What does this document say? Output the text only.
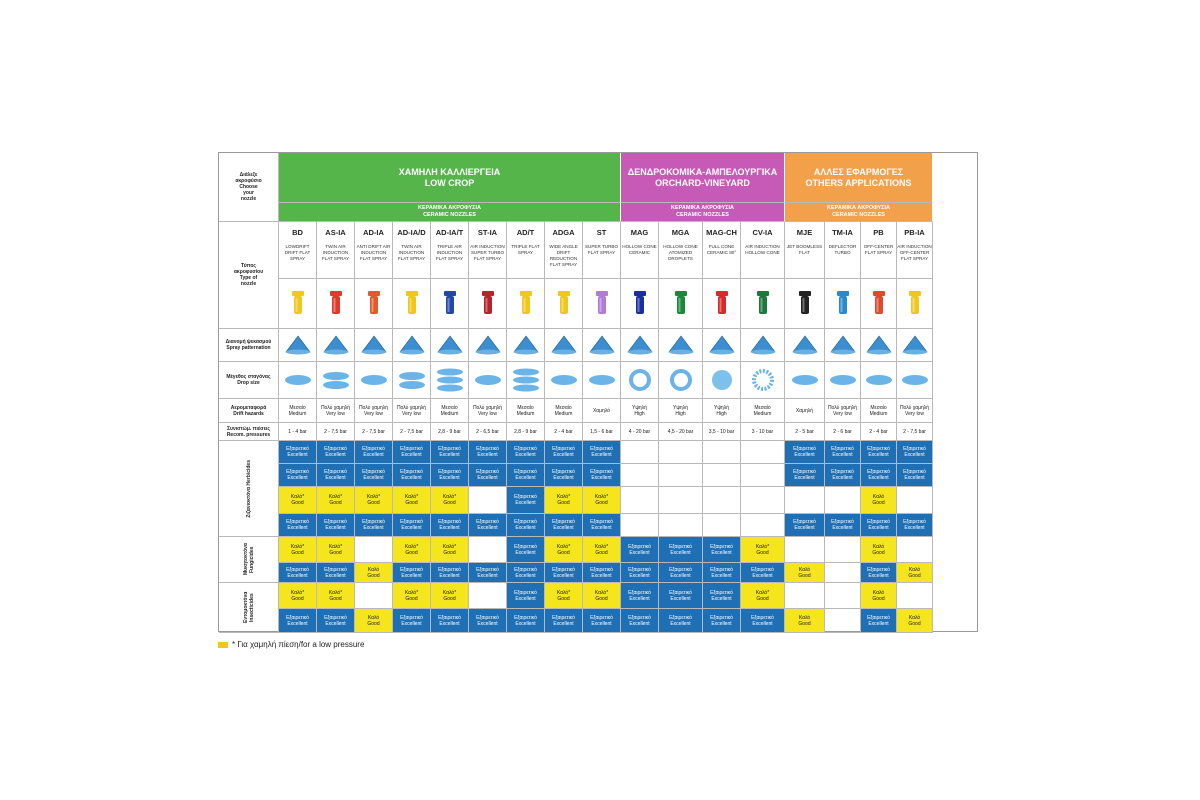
Διάλεξε
ακροφύσιο
Choose
your
nozzle
ΧΑΜΗΛΗ ΚΑΛΛΙΕΡΓΕΙΑ
LOW CROP
ΔΕΝΔΡΟΚΟΜΙΚΑ-ΑΜΠΕΛΟΥΡΓΙΚΑ
ORCHARD-VINEYARD
ΑΛΛΕΣ ΕΦΑΡΜΟΓΕΣ
OTHERS APPLICATIONS
ΚΕΡΑΜΙΚΑ ΑΚΡΟΦΥΣΙΑ
CERAMIC NOZZLES
ΚΕΡΑΜΙΚΑ ΑΚΡΟΦΥΣΙΑ
CERAMIC NOZZLES
ΚΕΡΑΜΙΚΑ ΑΚΡΟΦΥΣΙΑ
CERAMIC NOZZLES
Τύπος
ακροφυσίου
Type of
nozzle
Διανομή ψεκασμού
Spray patternation
Μέγεθος σταγόνας
Drop size
Αερομεταφορά
Drift hazards
Συνιστώμ. πιέσεις
Recom. pressures
BD
LOWDRIFT DRIFT FLAT SPRAY
Μεσαίο
Medium
1 - 4 bar
AS-IA
TWIN AIR INDUCTION FLAT SPRAY
Πολύ χαμηλή
Very low
2 - 7,5 bar
AD-IA
ANTI DRIFT AIR INDUCTION FLAT SPRAY
Πολύ χαμηλή
Very low
2 - 7,5 bar
AD-IA/D
TWIN AIR INDUCTION FLAT SPRAY
Πολύ χαμηλή
Very low
2 - 7,5 bar
AD-IA/T
TRIPLE AIR INDUCTION FLAT SPRAY
Μεσαίο
Medium
2,8 - 9 bar
ST-IA
AIR INDUCTION SUPER TURBO FLAT SPRAY
Πολύ χαμηλή
Very low
2 - 6,5 bar
AD/T
TRIPLE FLAT SPRAY
Μεσαίο
Medium
2,8 - 9 bar
ADGA
WIDE ANGLE DRIFT REDUCTION FLAT SPRAY
Μεσαίο
Medium
2 - 4 bar
ST
SUPER TURBO FLAT SPRAY
Χαμηλό
1,5 - 6 bar
MAG
HOLLOW CONE CERAMIC
Υψηλή
High
4 - 20 bar
MGA
HOLLOW CONE ATOMIZED DROPLETS
Υψηλή
High
4,5 - 20 bar
MAG-CH
FULL CONE CERAMIC 80°
Υψηλή
High
3,5 - 10 bar
CV-IA
AIR INDUCTION HOLLOW CONE
Μεσαίο
Medium
3 - 10 bar
MJE
JET BOOMLESS FLAT
Χαμηλή
2 - 5 bar
TM-IA
DEFLECTOR TURBO
Πολύ χαμηλή
Very low
2 - 6 bar
PB
OFF-CENTER FLAT SPRAY
Μεσαίο
Medium
2 - 4 bar
PB-IA
AIR INDUCTION OFF-CENTER FLAT SPRAY
Πολύ χαμηλή
Very low
2 - 7,5 bar
Ζιζανιοκτόνα Herbicides
Μυκητοκτόνα Fungicides
Εντομοκτόνα Insecticides
Εξαιρετικό
Excellent
Εξαιρετικό
Excellent
Εξαιρετικό
Excellent
Εξαιρετικό
Excellent
Εξαιρετικό
Excellent
Εξαιρετικό
Excellent
Εξαιρετικό
Excellent
Εξαιρετικό
Excellent
Εξαιρετικό
Excellent
Εξαιρετικό
Excellent
Εξαιρετικό
Excellent
Εξαιρετικό
Excellent
Εξαιρετικό
Excellent
Εξαιρετικό
Excellent
Εξαιρετικό
Excellent
Εξαιρετικό
Excellent
Εξαιρετικό
Excellent
Εξαιρετικό
Excellent
Εξαιρετικό
Excellent
Εξαιρετικό
Excellent
Εξαιρετικό
Excellent
Εξαιρετικό
Excellent
Εξαιρετικό
Excellent
Εξαιρετικό
Excellent
Εξαιρετικό
Excellent
Εξαιρετικό
Excellent
Καλό*
Good
Καλό*
Good
Καλό*
Good
Καλό*
Good
Καλό*
Good
Εξαιρετικό
Excellent
Καλό*
Good
Καλό*
Good
Καλό
Good
Εξαιρετικό
Excellent
Εξαιρετικό
Excellent
Εξαιρετικό
Excellent
Εξαιρετικό
Excellent
Εξαιρετικό
Excellent
Εξαιρετικό
Excellent
Εξαιρετικό
Excellent
Εξαιρετικό
Excellent
Εξαιρετικό
Excellent
Εξαιρετικό
Excellent
Εξαιρετικό
Excellent
Εξαιρετικό
Excellent
Εξαιρετικό
Excellent
Καλό*
Good
Καλό*
Good
Καλό*
Good
Καλό*
Good
Εξαιρετικό
Excellent
Καλό*
Good
Καλό*
Good
Εξαιρετικό
Excellent
Εξαιρετικό
Excellent
Εξαιρετικό
Excellent
Καλό*
Good
Καλό
Good
Εξαιρετικό
Excellent
Εξαιρετικό
Excellent
Καλό
Good
Εξαιρετικό
Excellent
Εξαιρετικό
Excellent
Εξαιρετικό
Excellent
Εξαιρετικό
Excellent
Εξαιρετικό
Excellent
Εξαιρετικό
Excellent
Εξαιρετικό
Excellent
Εξαιρετικό
Excellent
Εξαιρετικό
Excellent
Εξαιρετικό
Excellent
Καλό
Good
Εξαιρετικό
Excellent
Καλό
Good
Καλό*
Good
Καλό*
Good
Καλό*
Good
Καλό*
Good
Εξαιρετικό
Excellent
Καλό*
Good
Καλό*
Good
Εξαιρετικό
Excellent
Εξαιρετικό
Excellent
Εξαιρετικό
Excellent
Καλό*
Good
Καλό
Good
Εξαιρετικό
Excellent
Εξαιρετικό
Excellent
Καλό
Good
Εξαιρετικό
Excellent
Εξαιρετικό
Excellent
Εξαιρετικό
Excellent
Εξαιρετικό
Excellent
Εξαιρετικό
Excellent
Εξαιρετικό
Excellent
Εξαιρετικό
Excellent
Εξαιρετικό
Excellent
Εξαιρετικό
Excellent
Εξαιρετικό
Excellent
Καλό
Good
Εξαιρετικό
Excellent
Καλό
Good
* Για χαμηλή πίεση/for a low pressure
